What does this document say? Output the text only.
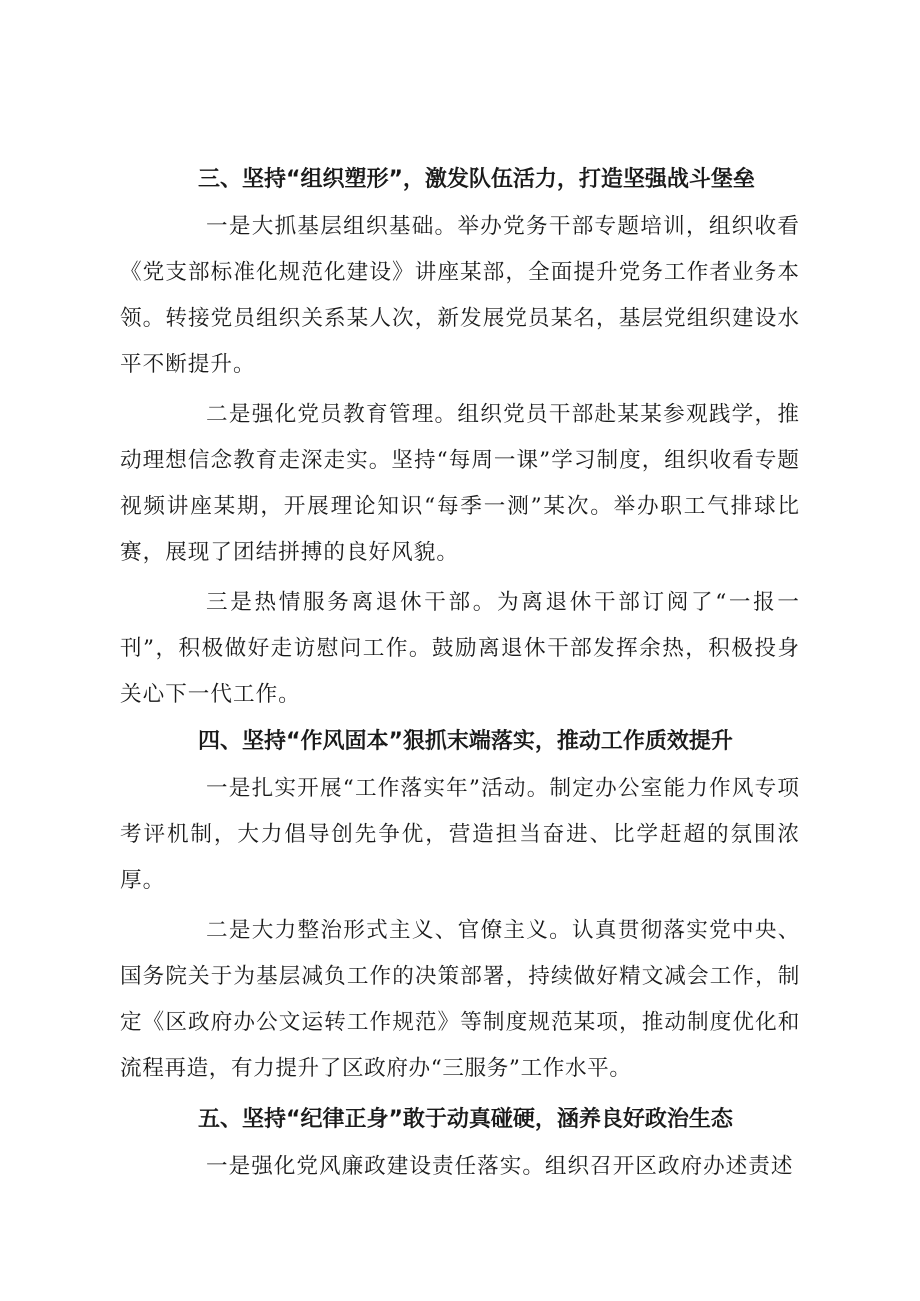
三、坚持“组织塑形”，激发队伍活力，打造坚强战斗堡垒

一是大抓基层组织基础。举办党务干部专题培训，组织收看《党支部标准化规范化建设》讲座某部，全面提升党务工作者业务本领。转接党员组织关系某人次，新发展党员某名，基层党组织建设水平不断提升。

二是强化党员教育管理。组织党员干部赴某某参观践学，推动理想信念教育走深走实。坚持“每周一课”学习制度，组织收看专题视频讲座某期，开展理论知识“每季一测”某次。举办职工气排球比赛，展现了团结拼搏的良好风貌。

三是热情服务离退休干部。为离退休干部订阅了“一报一刊”，积极做好走访慰问工作。鼓励离退休干部发挥余热，积极投身关心下一代工作。

四、坚持“作风固本”狠抓末端落实，推动工作质效提升

一是扎实开展“工作落实年”活动。制定办公室能力作风专项考评机制，大力倡导创先争优，营造担当奋进、比学赶超的氛围浓厚。

二是大力整治形式主义、官僚主义。认真贯彻落实党中央、国务院关于为基层减负工作的决策部署，持续做好精文减会工作，制定《区政府办公文运转工作规范》等制度规范某项，推动制度优化和流程再造，有力提升了区政府办“三服务”工作水平。

五、坚持“纪律正身”敢于动真碰硬，涵养良好政治生态

一是强化党风廉政建设责任落实。组织召开区政府办述责述
